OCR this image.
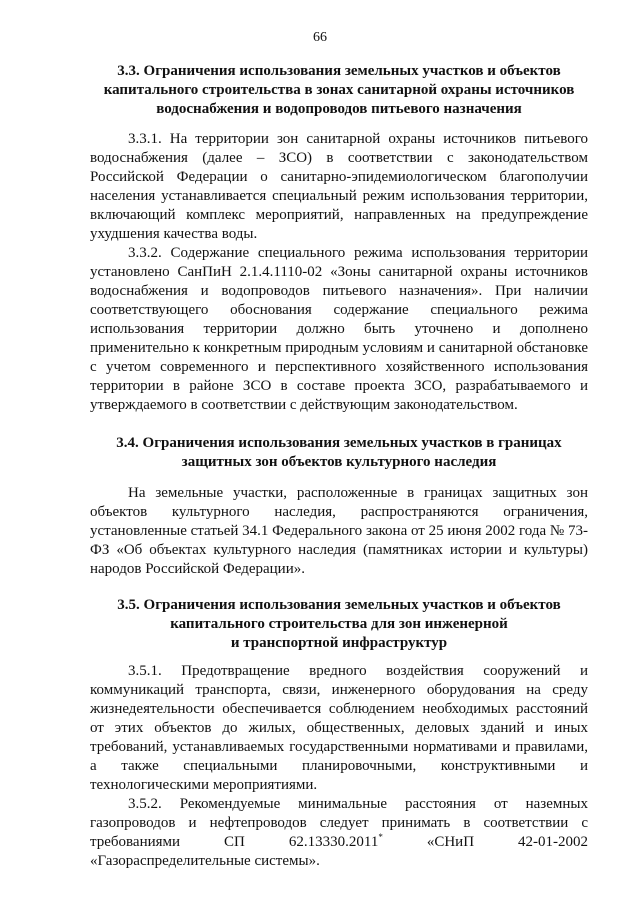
66

3.3. Ограничения использования земельных участков и объектов капитального строительства в зонах санитарной охраны источников водоснабжения и водопроводов питьевого назначения

3.3.1. На территории зон санитарной охраны источников питьевого водоснабжения (далее – ЗСО) в соответствии с законодательством Российской Федерации о санитарно-эпидемиологическом благополучии населения устанавливается специальный режим использования территории, включающий комплекс мероприятий, направленных на предупреждение ухудшения качества воды.

3.3.2. Содержание специального режима использования территории установлено СанПиН 2.1.4.1110-02 «Зоны санитарной охраны источников водоснабжения и водопроводов питьевого назначения». При наличии соответствующего обоснования содержание специального режима использования территории должно быть уточнено и дополнено применительно к конкретным природным условиям и санитарной обстановке с учетом современного и перспективного хозяйственного использования территории в районе ЗСО в составе проекта ЗСО, разрабатываемого и утверждаемого в соответствии с действующим законодательством.

3.4. Ограничения использования земельных участков в границах защитных зон объектов культурного наследия

На земельные участки, расположенные в границах защитных зон объектов культурного наследия, распространяются ограничения, установленные статьей 34.1 Федерального закона от 25 июня 2002 года № 73-ФЗ «Об объектах культурного наследия (памятниках истории и культуры) народов Российской Федерации».

3.5. Ограничения использования земельных участков и объектов капитального строительства для зон инженерной
и транспортной инфраструктур

3.5.1. Предотвращение вредного воздействия сооружений и коммуникаций транспорта, связи, инженерного оборудования на среду жизнедеятельности обеспечивается соблюдением необходимых расстояний от этих объектов до жилых, общественных, деловых зданий и иных требований, устанавливаемых государственными нормативами и правилами, а также специальными планировочными, конструктивными и технологическими мероприятиями.

3.5.2. Рекомендуемые минимальные расстояния от наземных газопроводов и нефтепроводов следует принимать в соответствии с требованиями СП 62.13330.2011* «СНиП 42-01-2002 «Газораспределительные системы».
